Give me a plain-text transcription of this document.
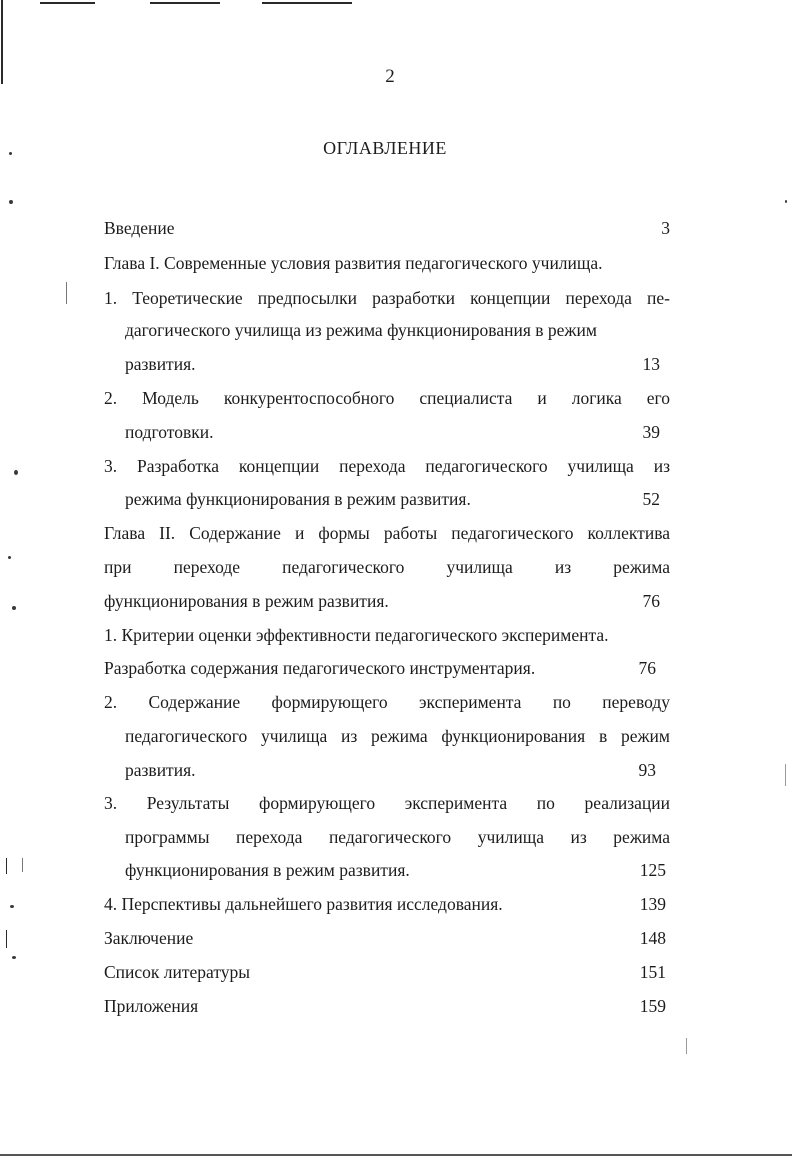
2
ОГЛАВЛЕНИЕ
Введение	3
Глава I. Современные условия развития педагогического училища.
1. Теоретические предпосылки разработки концепции перехода пе-
дагогического училища из режима функционирования в режим
развития.	13
2. Модель конкурентоспособного специалиста и логика его
подготовки.	39
3. Разработка концепции перехода педагогического училища из
режима функционирования в режим развития.	52
Глава II. Содержание и формы работы педагогического коллектива
при переходе педагогического училища из режима
функционирования в режим развития.	76
1. Критерии оценки эффективности педагогического эксперимента.
Разработка содержания педагогического инструментария.	76
2. Содержание формирующего эксперимента по переводу
педагогического училища из режима функционирования в режим
развития.	93
3. Результаты формирующего эксперимента по реализации
программы перехода педагогического училища из режима
функционирования в режим развития.	125
4. Перспективы дальнейшего развития исследования.	139
Заключение	148
Список литературы	151
Приложения	159
